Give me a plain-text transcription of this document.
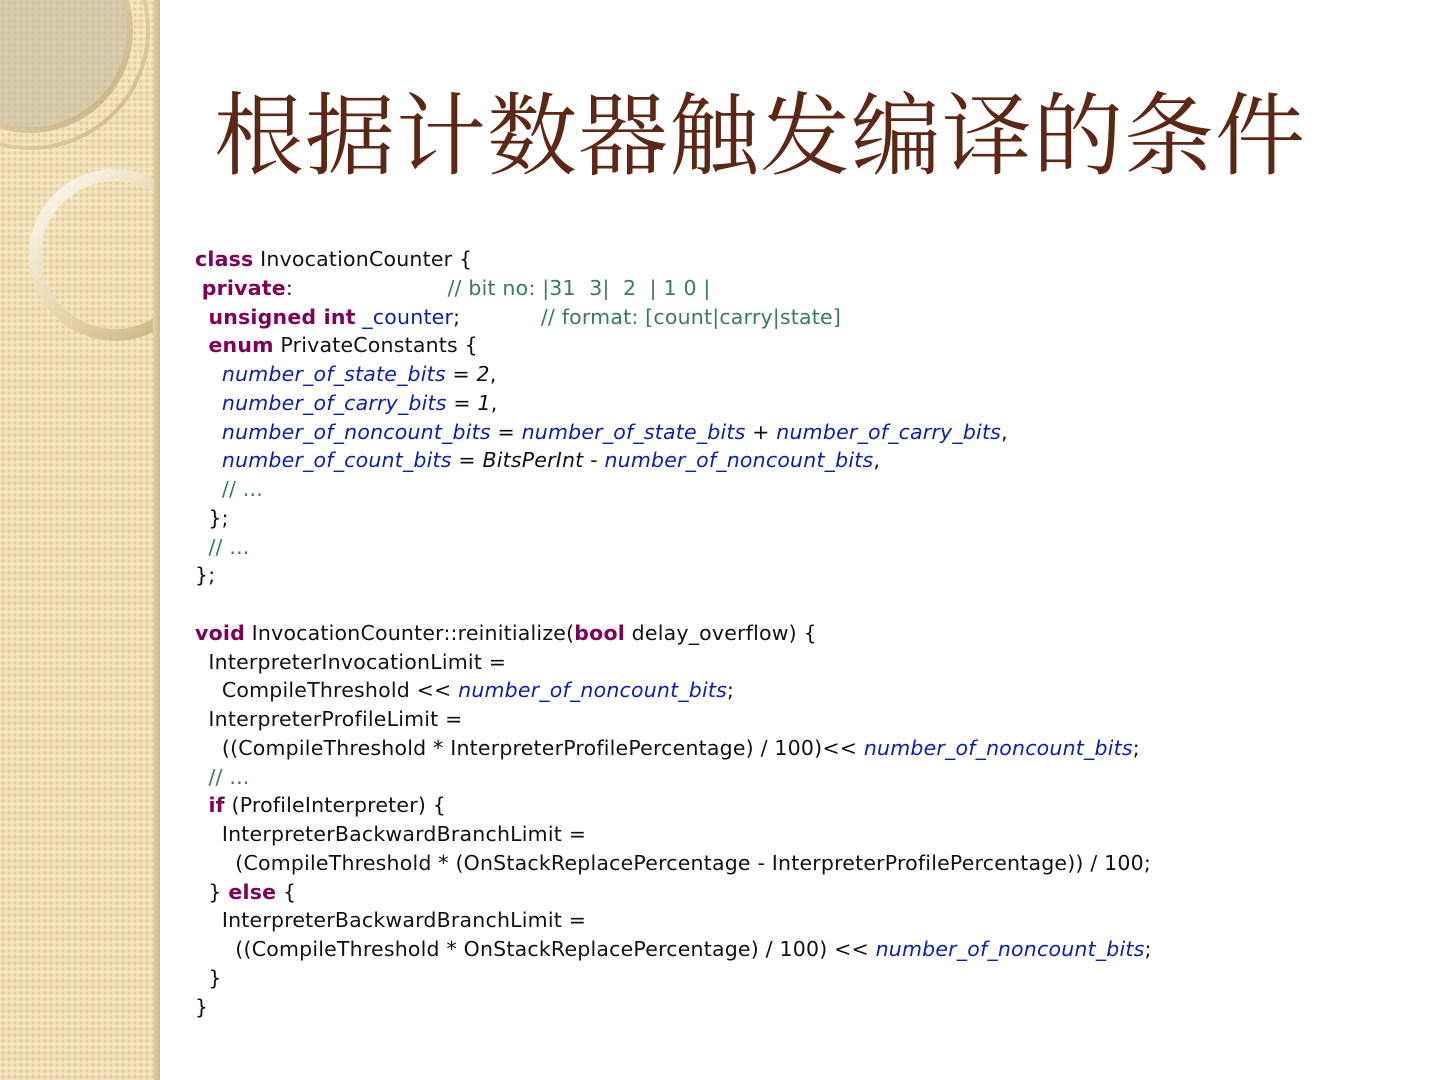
根据计数器触发编译的条件
class InvocationCounter {
private:                       // bit no: |31  3|  2  | 1 0 |
unsigned int _counter;            // format: [count|carry|state]
enum PrivateConstants {
number_of_state_bits = 2,
number_of_carry_bits = 1,
number_of_noncount_bits = number_of_state_bits + number_of_carry_bits,
number_of_count_bits = BitsPerInt - number_of_noncount_bits,
// ...
};
// ...
};
void InvocationCounter::reinitialize(bool delay_overflow) {
InterpreterInvocationLimit =
CompileThreshold << number_of_noncount_bits;
InterpreterProfileLimit =
((CompileThreshold * InterpreterProfilePercentage) / 100)<< number_of_noncount_bits;
// ...
if (ProfileInterpreter) {
InterpreterBackwardBranchLimit =
(CompileThreshold * (OnStackReplacePercentage - InterpreterProfilePercentage)) / 100;
} else {
InterpreterBackwardBranchLimit =
((CompileThreshold * OnStackReplacePercentage) / 100) << number_of_noncount_bits;
}
}
